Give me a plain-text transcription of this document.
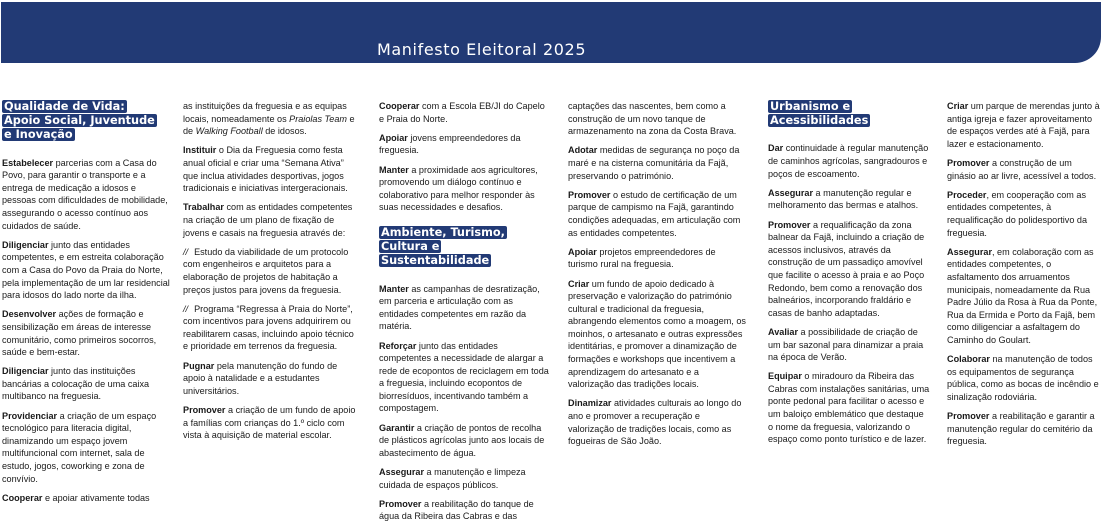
Manifesto Eleitoral 2025
Qualidade de Vida:
Apoio Social, Juventude
e Inovação

Estabelecer parcerias com a Casa do Povo, para garantir o transporte e a entrega de medicação a idosos e pessoas com dificuldades de mobilidade, assegurando o acesso contínuo aos cuidados de saúde.

Diligenciar junto das entidades competentes, e em estreita colaboração com a Casa do Povo da Praia do Norte, pela implementação de um lar residencial para idosos do lado norte da ilha.

Desenvolver ações de formação e sensibilização em áreas de interesse comunitário, como primeiros socorros, saúde e bem-estar.

Diligenciar junto das instituições bancárias a colocação de uma caixa multibanco na freguesia.

Providenciar a criação de um espaço tecnológico para literacia digital, dinamizando um espaço jovem multifuncional com internet, sala de estudo, jogos, coworking e zona de convívio.

Cooperar e apoiar ativamente todas

as instituições da freguesia e as equipas locais, nomeadamente os Praiolas Team e de Walking Football de idosos.

Instituir o Dia da Freguesia como festa anual oficial e criar uma “Semana Ativa” que inclua atividades desportivas, jogos tradicionais e iniciativas intergeracionais.

Trabalhar com as entidades competentes na criação de um plano de fixação de jovens e casais na freguesia através de:

// Estudo da viabilidade de um protocolo com engenheiros e arquitetos para a elaboração de projetos de habitação a preços justos para jovens da freguesia.

// Programa “Regressa à Praia do Norte”, com incentivos para jovens adquirirem ou reabilitarem casas, incluindo apoio técnico e prioridade em terrenos da freguesia.

Pugnar pela manutenção do fundo de apoio à natalidade e a estudantes universitários.

Promover a criação de um fundo de apoio a famílias com crianças do 1.º ciclo com vista à aquisição de material escolar.

Cooperar com a Escola EB/JI do Capelo e Praia do Norte.

Apoiar jovens empreendedores da freguesia.

Manter a proximidade aos agricultores, promovendo um diálogo contínuo e colaborativo para melhor responder às suas necessidades e desafios.

Ambiente, Turismo,
Cultura e Sustentabilidade

Manter as campanhas de desratização, em parceria e articulação com as entidades competentes em razão da matéria.

Reforçar junto das entidades competentes a necessidade de alargar a rede de ecopontos de reciclagem em toda a freguesia, incluindo ecopontos de biorresíduos, incentivando também a compostagem.

Garantir a criação de pontos de recolha de plásticos agrícolas junto aos locais de abastecimento de água.

Assegurar a manutenção e limpeza cuidada de espaços públicos.

Promover a reabilitação do tanque de água da Ribeira das Cabras e das

captações das nascentes, bem como a construção de um novo tanque de armazenamento na zona da Costa Brava.

Adotar medidas de segurança no poço da maré e na cisterna comunitária da Fajã, preservando o património.

Promover o estudo de certificação de um parque de campismo na Fajã, garantindo condições adequadas, em articulação com as entidades competentes.

Apoiar projetos empreendedores de turismo rural na freguesia.

Criar um fundo de apoio dedicado à preservação e valorização do património cultural e tradicional da freguesia, abrangendo elementos como a moagem, os moinhos, o artesanato e outras expressões identitárias, e promover a dinamização de formações e workshops que incentivem a aprendizagem do artesanato e a valorização das tradições locais.

Dinamizar atividades culturais ao longo do ano e promover a recuperação e valorização de tradições locais, como as fogueiras de São João.

Urbanismo e
Acessibilidades

Dar continuidade à regular manutenção de caminhos agrícolas, sangradouros e poços de escoamento.

Assegurar a manutenção regular e melhoramento das bermas e atalhos.

Promover a requalificação da zona balnear da Fajã, incluindo a criação de acessos inclusivos, através da construção de um passadiço amovível que facilite o acesso à praia e ao Poço Redondo, bem como a renovação dos balneários, incorporando fraldário e casas de banho adaptadas.

Avaliar a possibilidade de criação de um bar sazonal para dinamizar a praia na época de Verão.

Equipar o miradouro da Ribeira das Cabras com instalações sanitárias, uma ponte pedonal para facilitar o acesso e um baloiço emblemático que destaque o nome da freguesia, valorizando o espaço como ponto turístico e de lazer.

Criar um parque de merendas junto à antiga igreja e fazer aproveitamento de espaços verdes até à Fajã, para lazer e estacionamento.

Promover a construção de um ginásio ao ar livre, acessível a todos.

Proceder, em cooperação com as entidades competentes, à requalificação do polidesportivo da freguesia.

Assegurar, em colaboração com as entidades competentes, o asfaltamento dos arruamentos municipais, nomeadamente da Rua Padre Júlio da Rosa à Rua da Ponte, Rua da Ermida e Porto da Fajã, bem como diligenciar a asfaltagem do Caminho do Goulart.

Colaborar na manutenção de todos os equipamentos de segurança pública, como as bocas de incêndio e sinalização rodoviária.

Promover a reabilitação e garantir a manutenção regular do cemitério da freguesia.
